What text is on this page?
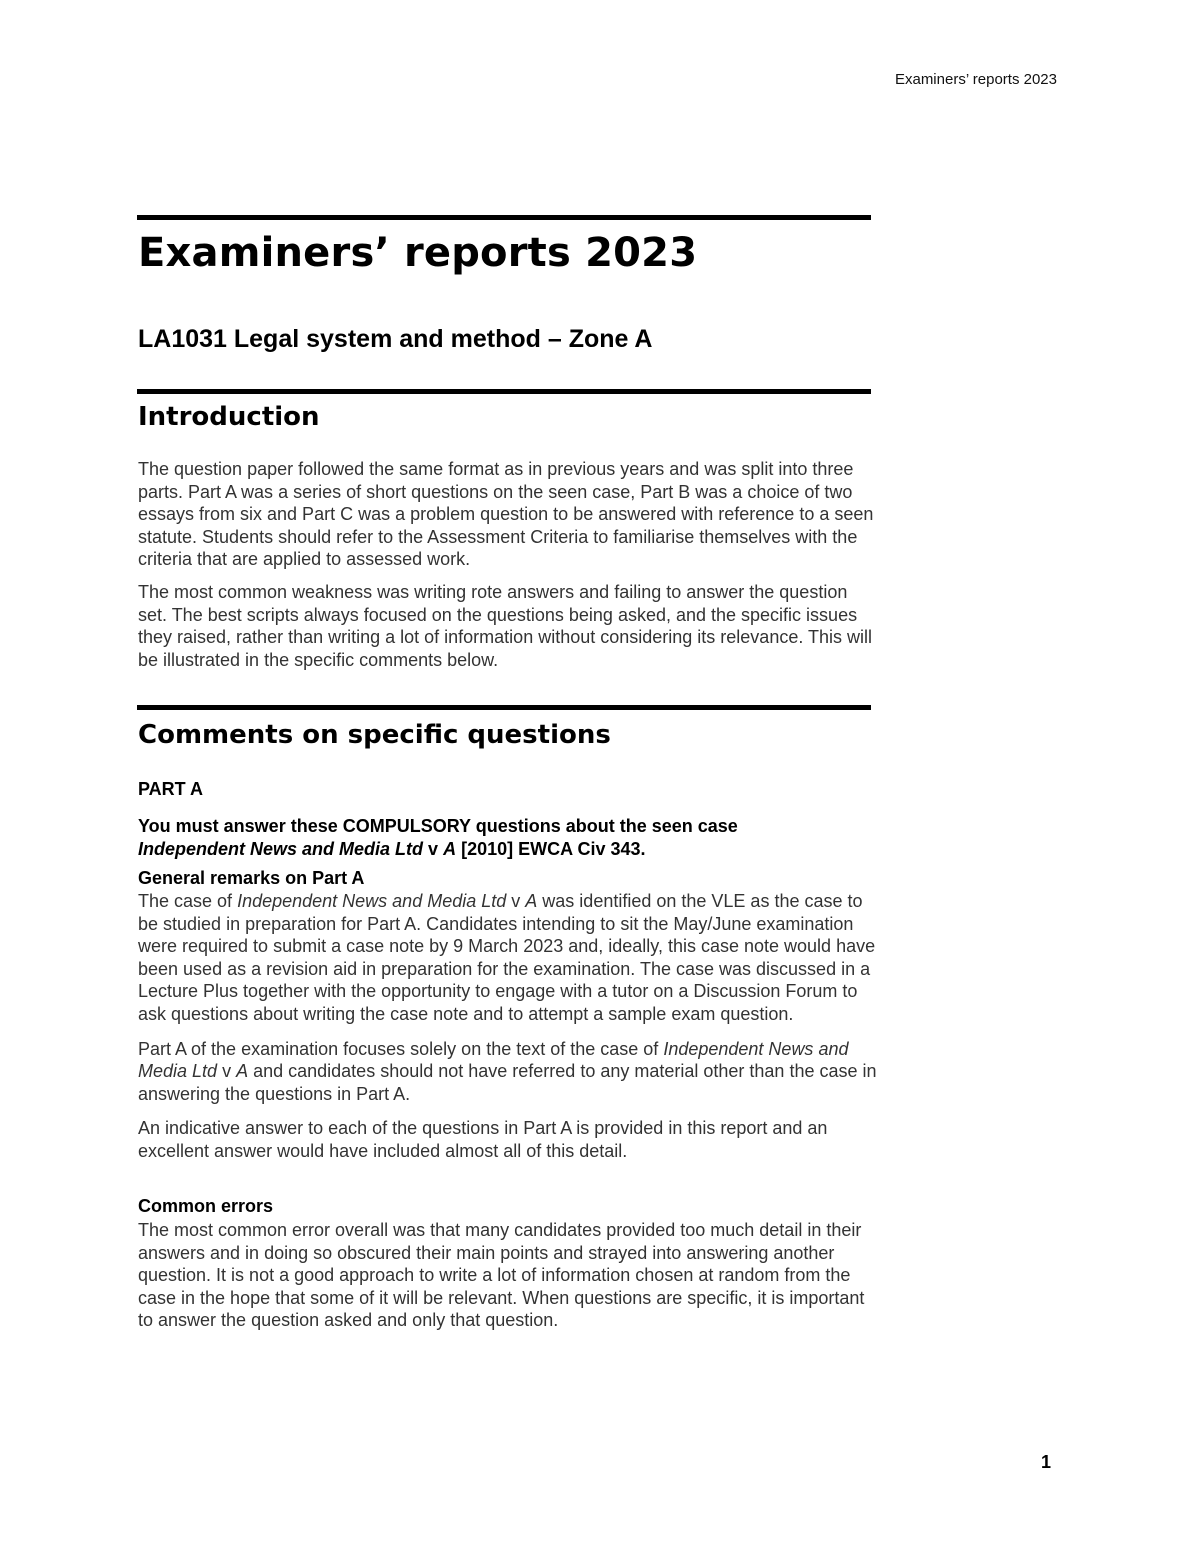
Examiners’ reports 2023
Examiners’ reports 2023
LA1031 Legal system and method – Zone A
Introduction

The question paper followed the same format as in previous years and was split into three parts. Part A was a series of short questions on the seen case, Part B was a choice of two essays from six and Part C was a problem question to be answered with reference to a seen statute. Students should refer to the Assessment Criteria to familiarise themselves with the criteria that are applied to assessed work.

The most common weakness was writing rote answers and failing to answer the question set. The best scripts always focused on the questions being asked, and the specific issues they raised, rather than writing a lot of information without considering its relevance. This will be illustrated in the specific comments below.

Comments on specific questions
PART A

You must answer these COMPULSORY questions about the seen case
Independent News and Media Ltd v A [2010] EWCA Civ 343.

General remarks on Part A

The case of Independent News and Media Ltd v A was identified on the VLE as the case to be studied in preparation for Part A. Candidates intending to sit the May/June examination were required to submit a case note by 9 March 2023 and, ideally, this case note would have been used as a revision aid in preparation for the examination. The case was discussed in a Lecture Plus together with the opportunity to engage with a tutor on a Discussion Forum to ask questions about writing the case note and to attempt a sample exam question.

Part A of the examination focuses solely on the text of the case of Independent News and Media Ltd v A and candidates should not have referred to any material other than the case in answering the questions in Part A.

An indicative answer to each of the questions in Part A is provided in this report and an excellent answer would have included almost all of this detail.

Common errors

The most common error overall was that many candidates provided too much detail in their answers and in doing so obscured their main points and strayed into answering another question. It is not a good approach to write a lot of information chosen at random from the case in the hope that some of it will be relevant. When questions are specific, it is important to answer the question asked and only that question.

1
